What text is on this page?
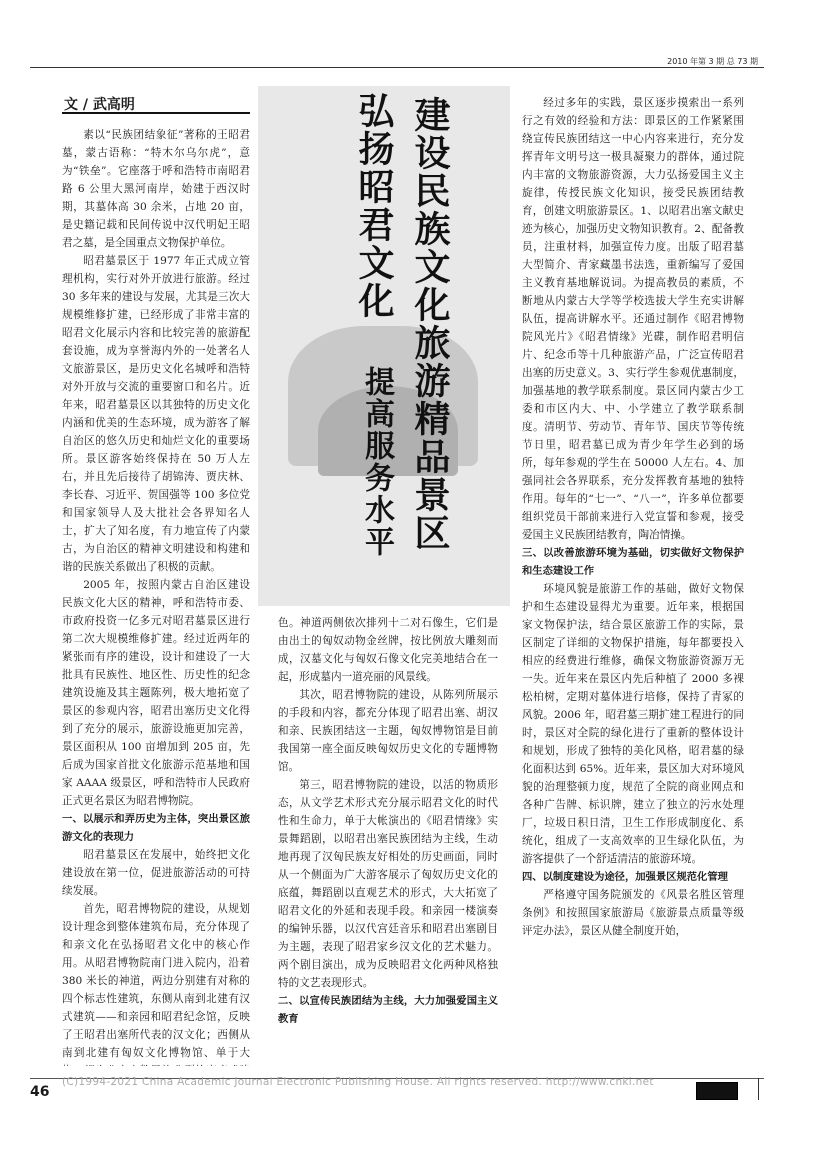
2010 年第 3 期 总 73 期
文 / 武高明	建设民族文化旅游精品景区
弘扬昭君文化
提高服务水平

素以“民族团结象征”著称的王昭君墓，蒙古语称：“特木尔乌尔虎”，意为“铁垒”。它座落于呼和浩特市南昭君路 6 公里大黑河南岸，始建于西汉时期，其墓体高 30 余米，占地 20 亩，是史籍记载和民间传说中汉代明妃王昭君之墓，是全国重点文物保护单位。

昭君墓景区于 1977 年正式成立管理机构，实行对外开放进行旅游。经过 30 多年来的建设与发展，尤其是三次大规模维修扩建，已经形成了非常丰富的昭君文化展示内容和比较完善的旅游配套设施，成为享誉海内外的一处著名人文旅游景区，是历史文化名城呼和浩特对外开放与交流的重要窗口和名片。近年来，昭君墓景区以其独特的历史文化内涵和优美的生态环境，成为游客了解自治区的悠久历史和灿烂文化的重要场所。景区游客始终保持在 50 万人左右，并且先后接待了胡锦涛、贾庆林、李长春、习近平、贺国强等 100 多位党和国家领导人及大批社会各界知名人士，扩大了知名度，有力地宣传了内蒙古，为自治区的精神文明建设和构建和谐的民族关系做出了积极的贡献。

2005 年，按照内蒙古自治区建设民族文化大区的精神，呼和浩特市委、市政府投资一亿多元对昭君墓景区进行第二次大规模维修扩建。经过近两年的紧张而有序的建设，设计和建设了一大批具有民族性、地区性、历史性的纪念建筑设施及其主题陈列，极大地拓宽了景区的参观内容，昭君出塞历史文化得到了充分的展示，旅游设施更加完善，景区面积从 100 亩增加到 205 亩，先后成为国家首批文化旅游示范基地和国家 AAAA 级景区，呼和浩特市人民政府正式更名景区为昭君博物院。

一、以展示和弄历史为主体，突出景区旅游文化的表现力

昭君墓景区在发展中，始终把文化建设放在第一位，促进旅游活动的可持续发展。

首先，昭君博物院的建设，从规划设计理念到整体建筑布局，充分体现了和亲文化在弘扬昭君文化中的核心作用。从昭君博物院南门进入院内，沿着 380 米长的神道，两边分别建有对称的四个标志性建筑，东侧从南到北建有汉式建筑——和亲园和昭君纪念馆，反映了王昭君出塞所代表的汉文化；西侧从南到北建有匈奴文化博物馆、单于大

色。神道两侧依次排列十二对石像生，它们是由出土的匈奴动物金丝牌，按比例放大雕刻而成，汉墓文化与匈奴石像文化完美地结合在一起，形成墓内一道亮丽的风景线。

其次，昭君博物院的建设，从陈列所展示的手段和内容，都充分体现了昭君出塞、胡汉和亲、民族团结这一主题，匈奴博物馆是目前我国第一座全面反映匈奴历史文化的专题博物馆。

第三，昭君博物院的建设，以活的物质形态，从文学艺术形式充分展示昭君文化的时代性和生命力，单于大帐演出的《昭君情缘》实景舞蹈剧，以昭君出塞民族团结为主线，生动地再现了汉匈民族友好相处的历史画面，同时从一个侧面为广大游客展示了匈奴历史文化的底蕴，舞蹈剧以直观艺术的形式，大大拓宽了昭君文化的外延和表现手段。和亲园一楼演奏的编钟乐器，以汉代宫廷音乐和昭君出塞剧目为主题，表现了昭君家乡汉文化的艺术魅力。两个剧目演出，成为反映昭君文化两种风格独特的文艺表现形式。

二、以宣传民族团结为主线，大力加强爱国主义教育

经过多年的实践，景区逐步摸索出一系列行之有效的经验和方法：即景区的工作紧紧围绕宣传民族团结这一中心内容来进行，充分发挥青年文明号这一极具凝聚力的群体，通过院内丰富的文物旅游资源，大力弘扬爱国主义主旋律，传授民族文化知识，接受民族团结教育，创建文明旅游景区。1、以昭君出塞文献史迹为核心，加强历史文物知识教育。2、配备教员，注重材料，加强宣传力度。出版了昭君墓大型简介、青家藏墨书法选，重新编写了爱国主义教育基地解说词。为提高教员的素质，不断地从内蒙古大学等学校选拔大学生充实讲解队伍，提高讲解水平。还通过制作《昭君博物院风光片》《昭君情缘》光碟，制作昭君明信片、纪念币等十几种旅游产品，广泛宣传昭君出塞的历史意义。3、实行学生参观优惠制度，加强基地的教学联系制度。景区同内蒙古少工委和市区内大、中、小学建立了教学联系制度。清明节、劳动节、青年节、国庆节等传统节日里，昭君墓已成为青少年学生必到的场所，每年参观的学生在 50000 人左右。4、加强同社会各界联系，充分发挥教育基地的独特作用。每年的“七一”、“八一”，许多单位都要组织党员干部前来进行入党宣誓和参观，接受爱国主义民族团结教育，陶冶情操。

三、以改善旅游环境为基础，切实做好文物保护和生态建设工作

环境风貌是旅游工作的基础，做好文物保护和生态建设显得尤为重要。近年来，根据国家文物保护法，结合景区旅游工作的实际，景区制定了详细的文物保护措施，每年都要投入相应的经费进行维修，确保文物旅游资源万无一失。近年来在景区内先后种植了 2000 多裸松柏树，定期对墓体进行培修，保持了青冢的风貌。2006 年，昭君墓三期扩建工程进行的同时，景区对全院的绿化进行了重新的整体设计和规划，形成了独特的美化风格，昭君墓的绿化面积达到 65%。近年来，景区加大对环境风貌的治理整顿力度，规范了全院的商业网点和各种广告牌、标识牌，建立了独立的污水处理厂，垃圾日积日清，卫生工作形成制度化、系统化，组成了一支高效率的卫生绿化队伍，为游客提供了一个舒适清洁的旅游环境。

四、以制度建设为途径，加强景区规范化管理

严格遵守国务院颁发的《风景名胜区管理条例》和按照国家旅游局《旅游景点质量等级评定办法》，景区从健全制度开始，

46
(C)1994-2021 China Academic Journal Electronic Publishing House. All rights reserved. http://www.cnki.net
